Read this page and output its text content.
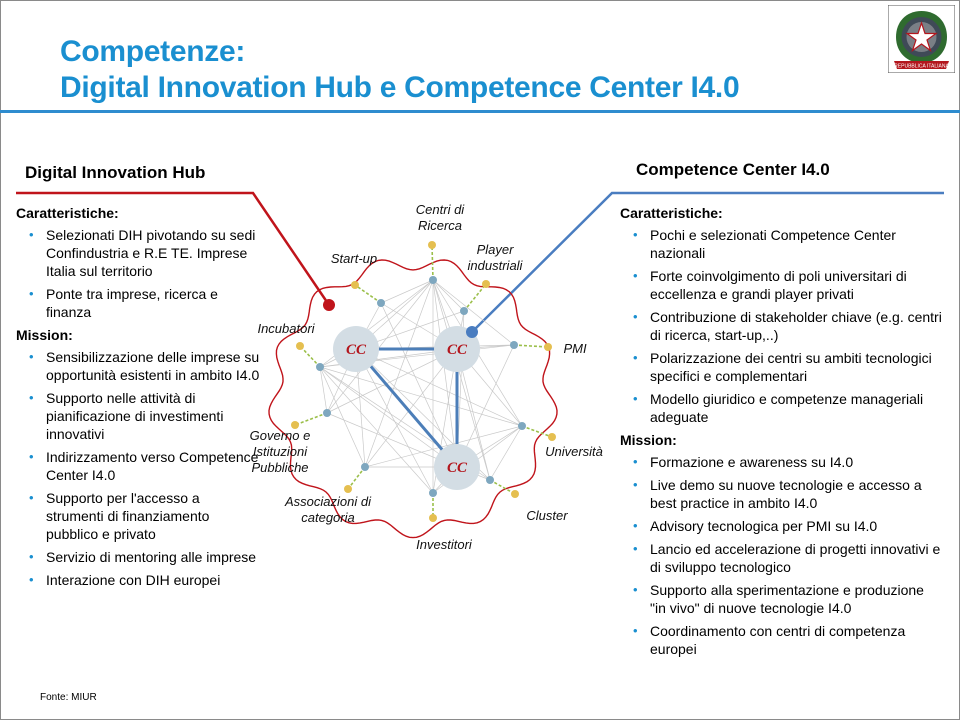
Competenze:
Digital Innovation Hub e Competence Center I4.0
REPUBBLICA ITALIANA
Centri di Ricerca
Player industriali
Start-up
Incubatori
PMI
Governo e Istituzioni Pubbliche
Università
Associazioni di categoria	Cluster
Investitori
CC	CC
CC
Digital Innovation Hub	Competence Center I4.0
Caratteristiche:
• Selezionati DIH pivotando su sedi Confindustria e R.E TE. Imprese Italia sul territorio
• Ponte tra imprese, ricerca e finanza
Mission:
• Sensibilizzazione delle imprese su opportunità esistenti in ambito I4.0
• Supporto nelle attività di pianificazione di investimenti innovativi
• Indirizzamento verso Competence Center I4.0
• Supporto per l'accesso a strumenti di finanziamento pubblico e privato
• Servizio di mentoring alle imprese
• Interazione con DIH europei
Caratteristiche:
• Pochi e selezionati Competence Center nazionali
• Forte coinvolgimento di poli universitari di eccellenza e grandi player privati
• Contribuzione di stakeholder chiave (e.g. centri di ricerca, start-up,..)
• Polarizzazione dei centri su ambiti tecnologici specifici e complementari
• Modello giuridico e competenze manageriali adeguate
Mission:
• Formazione e awareness su I4.0
• Live demo su nuove tecnologie e accesso a best practice in ambito I4.0
• Advisory tecnologica per PMI su I4.0
• Lancio ed accelerazione di progetti innovativi e di sviluppo tecnologico
• Supporto alla sperimentazione e produzione "in vivo" di nuove tecnologie I4.0
• Coordinamento con centri di competenza europei
Fonte: MIUR
